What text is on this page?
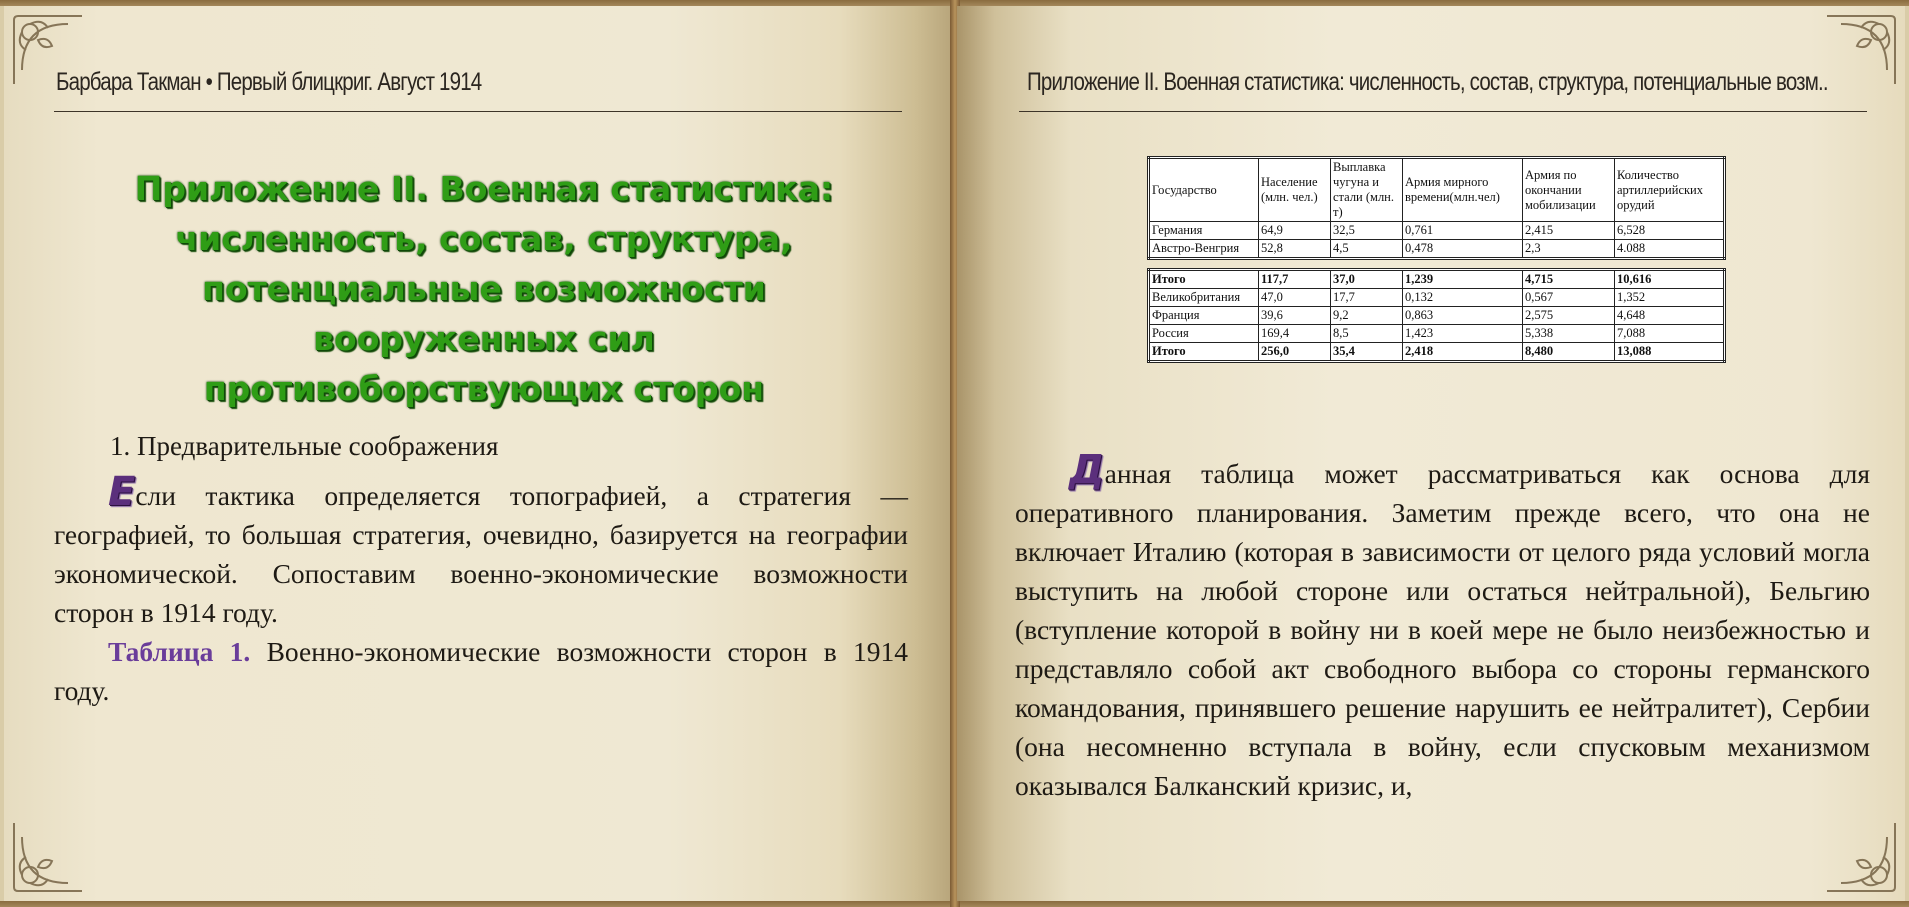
Барбара Такман • Первый блицкриг. Август 1914
Приложение II. Военная статистика:
численность, состав, структура,
потенциальные возможности
вооруженных сил
противоборствующих сторон
1. Предварительные соображения

Если тактика определяется топографией, а стратегия — географией, то большая стратегия, очевидно, базируется на географии экономической. Сопоставим военно-экономические возможности сторон в 1914 году.

Таблица 1. Военно-экономические возможности сторон в 1914 году.

Приложение II. Военная статистика: численность, состав, структура, потенциальные возм..
Государство	Население (млн. чел.)	Выплавка чугуна и стали (млн. т)	Армия мирного времени(млн.чел)	Армия по окончании мобилизации	Количество артиллерийских орудий
Германия	64,9	32,5	0,761	2,415	6,528
Австро-Венгрия	52,8	4,5	0,478	2,3	4.088
Итого	117,7	37,0	1,239	4,715	10,616
Великобритания	47,0	17,7	0,132	0,567	1,352
Франция	39,6	9,2	0,863	2,575	4,648
Россия	169,4	8,5	1,423	5,338	7,088
Итого	256,0	35,4	2,418	8,480	13,088

Данная таблица может рассматриваться как основа для оперативного планирования. Заметим прежде всего, что она не включает Италию (которая в зависимости от целого ряда условий могла выступить на любой стороне или остаться нейтральной), Бельгию (вступление которой в войну ни в коей мере не было неизбежностью и представляло собой акт свободного выбора со стороны германского командования, принявшего решение нарушить ее нейтралитет), Сербии (она несомненно вступала в войну, если спусковым механизмом оказывался Балканский кризис, и,
